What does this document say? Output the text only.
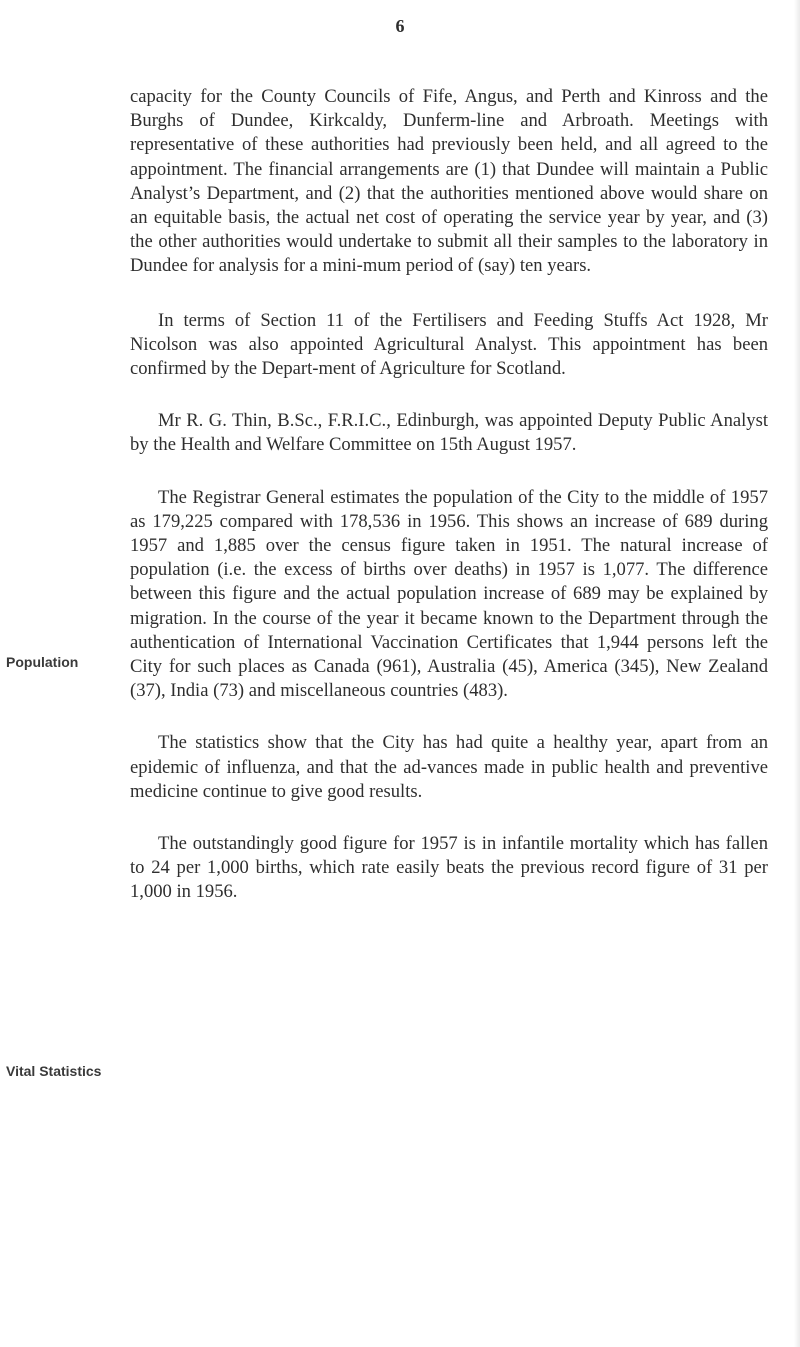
6
Population
Vital Statistics

capacity for the County Councils of Fife, Angus, and Perth and Kinross and the Burghs of Dundee, Kirkcaldy, Dunferm-line and Arbroath. Meetings with representative of these authorities had previously been held, and all agreed to the appointment. The financial arrangements are (1) that Dundee will maintain a Public Analyst’s Department, and (2) that the authorities mentioned above would share on an equitable basis, the actual net cost of operating the service year by year, and (3) the other authorities would undertake to submit all their samples to the laboratory in Dundee for analysis for a mini-mum period of (say) ten years.

In terms of Section 11 of the Fertilisers and Feeding Stuffs Act 1928, Mr Nicolson was also appointed Agricultural Analyst. This appointment has been confirmed by the Depart-ment of Agriculture for Scotland.

Mr R. G. Thin, B.Sc., F.R.I.C., Edinburgh, was appointed Deputy Public Analyst by the Health and Welfare Committee on 15th August 1957.

The Registrar General estimates the population of the City to the middle of 1957 as 179,225 compared with 178,536 in 1956. This shows an increase of 689 during 1957 and 1,885 over the census figure taken in 1951. The natural increase of population (i.e. the excess of births over deaths) in 1957 is 1,077. The difference between this figure and the actual population increase of 689 may be explained by migration. In the course of the year it became known to the Department through the authentication of International Vaccination Certificates that 1,944 persons left the City for such places as Canada (961), Australia (45), America (345), New Zealand (37), India (73) and miscellaneous countries (483).

The statistics show that the City has had quite a healthy year, apart from an epidemic of influenza, and that the ad-vances made in public health and preventive medicine continue to give good results.

The outstandingly good figure for 1957 is in infantile mortality which has fallen to 24 per 1,000 births, which rate easily beats the previous record figure of 31 per 1,000 in 1956.
